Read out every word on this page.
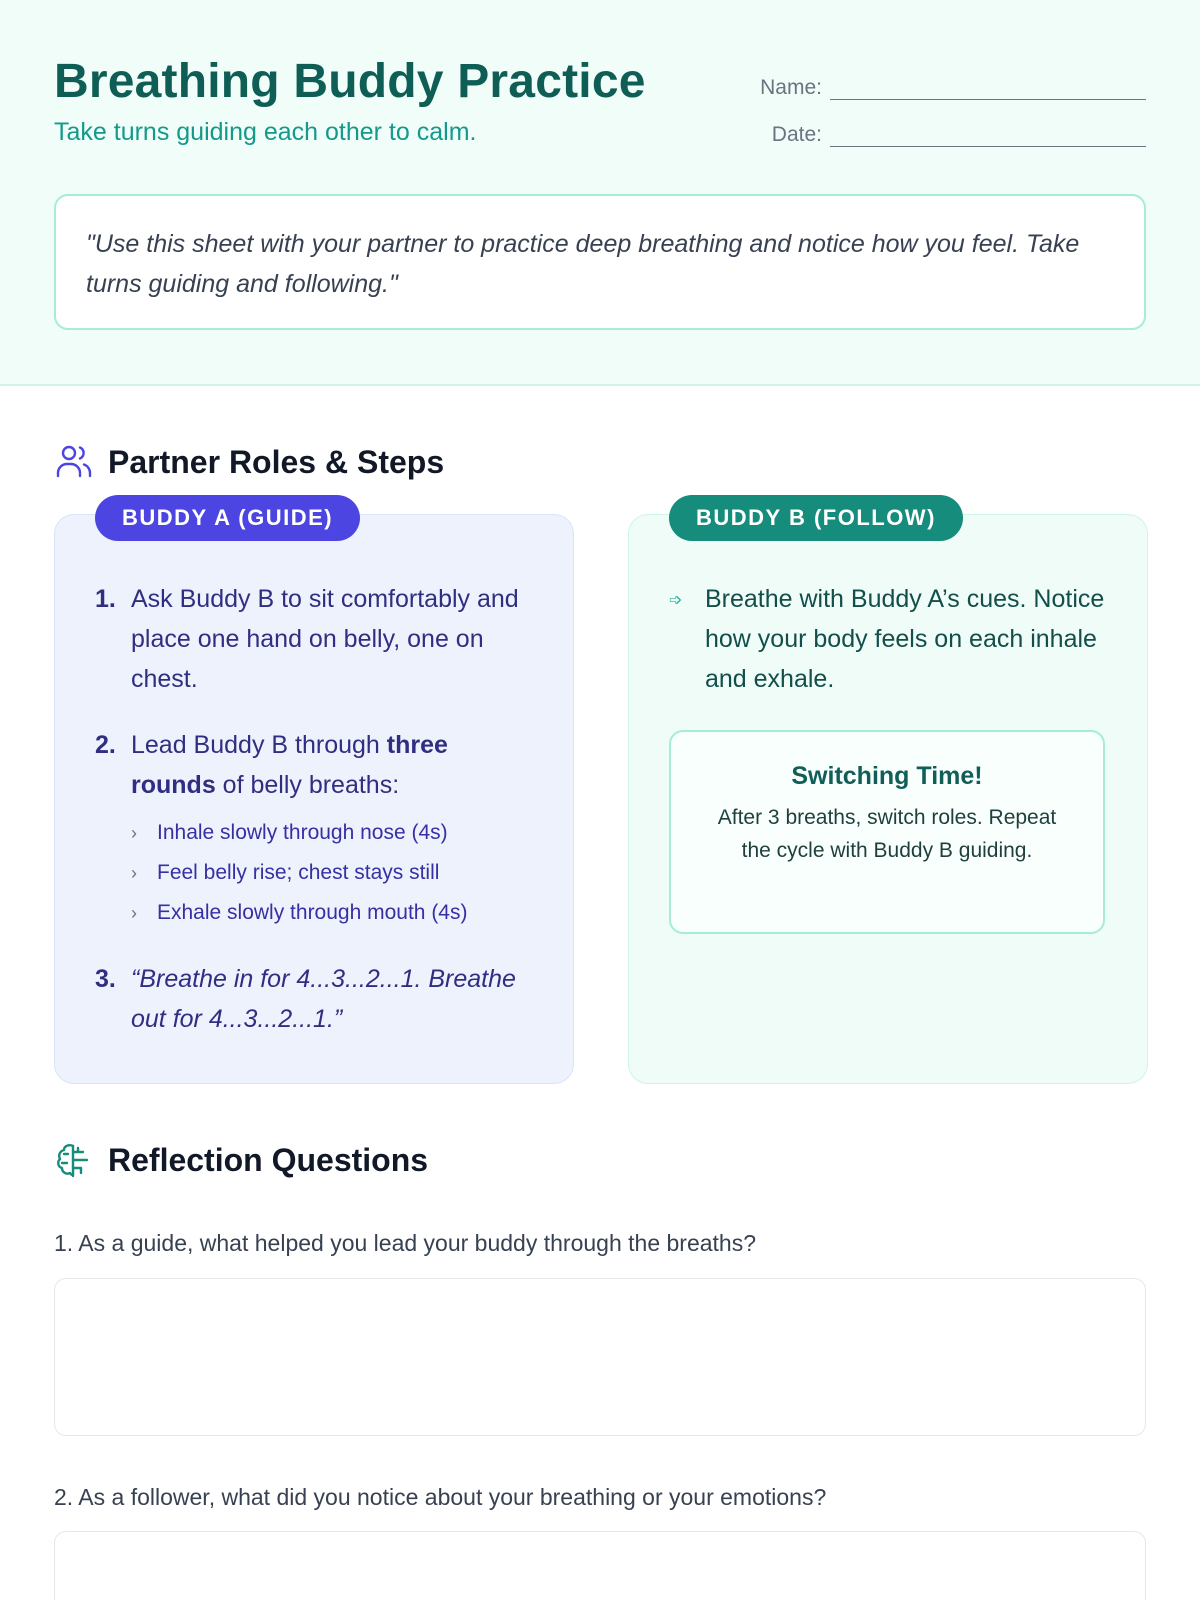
Breathing Buddy Practice
Take turns guiding each other to calm.
Name:
Date:
"Use this sheet with your partner to practice deep breathing and notice how you feel. Take turns guiding and following."
Partner Roles & Steps
BUDDY A (GUIDE)
1. Ask Buddy B to sit comfortably and place one hand on belly, one on chest.
2. Lead Buddy B through three rounds of belly breaths:
› Inhale slowly through nose (4s)
› Feel belly rise; chest stays still
› Exhale slowly through mouth (4s)
3. “Breathe in for 4...3...2...1. Breathe out for 4...3...2...1.”
BUDDY B (FOLLOW)
➩ Breathe with Buddy A’s cues. Notice how your body feels on each inhale and exhale.
Switching Time!

After 3 breaths, switch roles. Repeat the cycle with Buddy B guiding.

Reflection Questions
1. As a guide, what helped you lead your buddy through the breaths?
2. As a follower, what did you notice about your breathing or your emotions?
